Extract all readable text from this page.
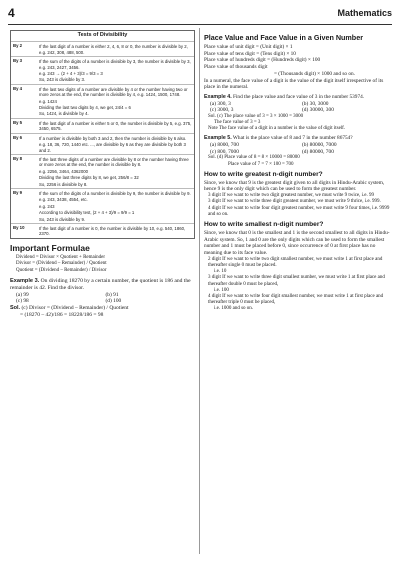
4	Mathematics
Tests of Divisibility
By 2	If the last digit of a number is either 2, 4, 6, 8 or 0, the number is divisible by 2, e.g. 242, 308, 488, 500.
By 3	If the sum of the digits of a number is divisible by 3, the number is divisible by 3, e.g. 243, 2427, 3456.
e.g. 243 → (2 + 4 + 3)/3 = 9/3 = 3
So, 243 is divisible by 3.
By 4	If the last two digits of a number are divisible by 4 or the number having two or more zeros at the end, the number is divisible by 4, e.g. 1424, 1500, 1748.
e.g. 1424
Dividing the last two digits by 4, we get, 24/4 = 6
So, 1424, is divisible by 4.
By 5	If the last digit of a number is either 5 or 0, the number is divisible by 5, e.g. 375, 3450, 6575.
By 6	If a number is divisible by both 3 and 2, then the number is divisible by 6 also.
e.g. 18, 36, 720, 1440 etc. ..., are divisible by 6 as they are divisible by both 3 and 2.
By 8	If the last three digits of a number are divisible by 8 or the number having three or more zeros at the end, the number is divisible by 8.
e.g. 2256, 3464, 4362000
Dividing the last three digits by 8, we get, 256/8 = 32
So, 2256 is divisible by 8.
By 9	If the sum of the digits of a number is divisible by 9, the number is divisible by 9.
e.g. 243, 3438, 4554, etc.
e.g. 243
According to divisibility test, (2 + 4 + 3)/9 = 9/9 = 1
So, 243 is divisible by 9.
By 10	If the last digit of a number is 0, the number is divisible by 10, e.g. 540, 1860, 2370.
Important Formulae
Dividend = Divisor × Quotient + Remainder
Divisor = (Dividend – Remainder) / Quotient
Quotient = (Dividend – Remainder) / Divisor
Example 3. On dividing 18270 by a certain number, the quotient is 186 and the remainder is 42. Find the divisor.
(a) 99	(b) 91
(c) 98	(d) 100
Sol. (c) Divisor = (Dividend – Remainder) / Quotient
= (18270 – 42)/186 = 18228/186 = 98
Place Value and Face Value in a Given Number
Place value of unit digit = (Unit digit) × 1
Place value of tens digit = (Tens digit) × 10
Place value of hundreds digit = (Hundreds digit) × 100
Place value of thousands digit
= (Thousands digit) × 1000 and so on.
In a numeral, the face value of a digit is the value of the digit itself irrespective of its place in the numeral.
Example 4. Find the place value and face value of 3 in the number 53974.
(a) 300, 3	(b) 30, 3000
(c) 3000, 3	(d) 30000, 300
Sol. (c) The place value of 3 = 3 × 1000 = 3000
The face value of 3 = 3
Note The face value of a digit in a number is the value of digit itself.
Example 5. What is the place value of 8 and 7 in the number 86754?
(a) 8000, 700	(b) 80000, 7000
(c) 800, 7000	(d) 80000, 700
Sol. (d) Place value of 8 = 8 × 10000 = 80000
Place value of 7 = 7 × 100 = 700
How to write greatest n-digit number?
Since, we know that 9 is the greatest digit given to all digits in Hindu-Arabic system, hence 9 is the only digit which can be used to form the greatest number.
3 digit If we want to write two digit greatest number, we must write 9 twice, i.e. 99
3 digit If we want to write three digit greatest number, we must write 9 thrice, i.e. 999.
4 digit If we want to write four digit greatest number, we must write 9 four times, i.e. 9999 and so on.
How to write smallest n-digit number?
Since, we know that 0 is the smallest and 1 is the second smallest to all digits in Hindu-Arabic system. So, 1 and 0 are the only digits which can be used to form the smallest number and 1 must be placed before 0, since occurrence of 0 at first place has no meaning due to its face value.
2 digit If we want to write two digit smallest number, we must write 1 at first place and thereafter single 0 must be placed.
i.e. 10
3 digit If we want to write three digit smallest number, we must write 1 at first place and thereafter double 0 must be placed,
i.e. 100
4 digit If we want to write four digit smallest number, we must write 1 at first place and thereafter triple 0 must be placed,
i.e. 1000 and so on.
